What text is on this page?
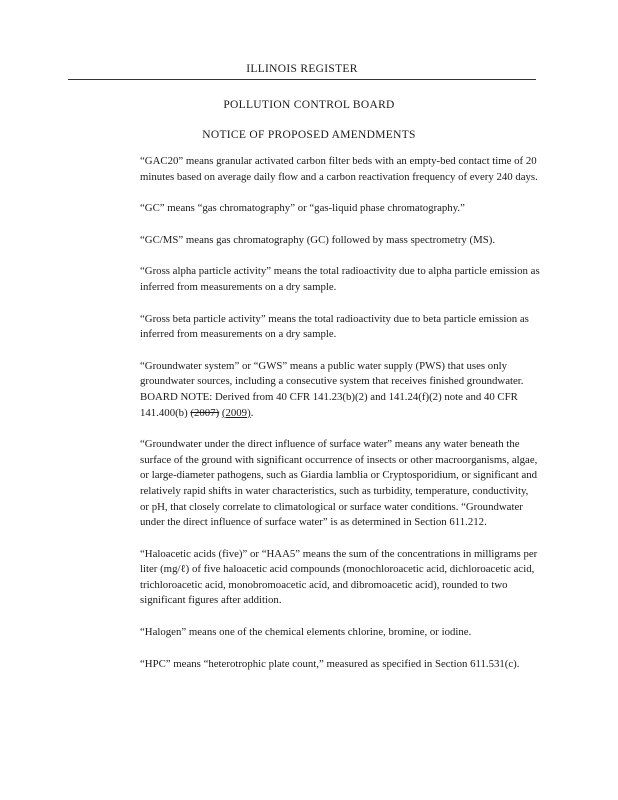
ILLINOIS REGISTER
POLLUTION CONTROL BOARD
NOTICE OF PROPOSED AMENDMENTS

“GAC20” means granular activated carbon filter beds with an empty-bed contact time of 20 minutes based on average daily flow and a carbon reactivation frequency of every 240 days.

“GC” means “gas chromatography” or “gas-liquid phase chromatography.”

“GC/MS” means gas chromatography (GC) followed by mass spectrometry (MS).

“Gross alpha particle activity” means the total radioactivity due to alpha particle emission as inferred from measurements on a dry sample.

“Gross beta particle activity” means the total radioactivity due to beta particle emission as inferred from measurements on a dry sample.

“Groundwater system” or “GWS” means a public water supply (PWS) that uses only groundwater sources, including a consecutive system that receives finished groundwater.
BOARD NOTE: Derived from 40 CFR 141.23(b)(2) and 141.24(f)(2) note and 40 CFR 141.400(b) (2007) (2009).

“Groundwater under the direct influence of surface water” means any water beneath the surface of the ground with significant occurrence of insects or other macroorganisms, algae, or large-diameter pathogens, such as Giardia lamblia or Cryptosporidium, or significant and relatively rapid shifts in water characteristics, such as turbidity, temperature, conductivity, or pH, that closely correlate to climatological or surface water conditions. “Groundwater under the direct influence of surface water” is as determined in Section 611.212.

“Haloacetic acids (five)” or “HAA5” means the sum of the concentrations in milligrams per liter (mg/ℓ) of five haloacetic acid compounds (monochloroacetic acid, dichloroacetic acid, trichloroacetic acid, monobromoacetic acid, and dibromoacetic acid), rounded to two significant figures after addition.

“Halogen” means one of the chemical elements chlorine, bromine, or iodine.

“HPC” means “heterotrophic plate count,” measured as specified in Section 611.531(c).
